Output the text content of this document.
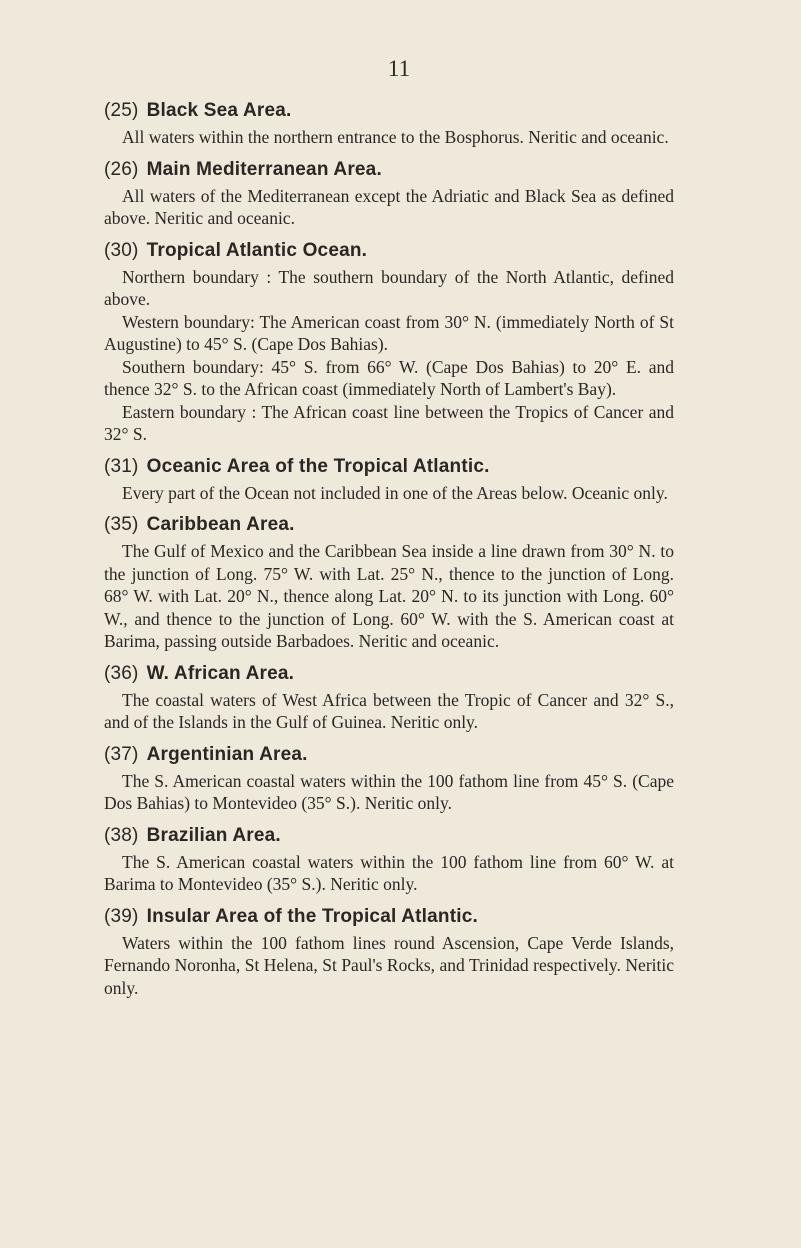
11
(25) Black Sea Area.

All waters within the northern entrance to the Bosphorus. Neritic and oceanic.

(26) Main Mediterranean Area.

All waters of the Mediterranean except the Adriatic and Black Sea as defined above. Neritic and oceanic.

(30) Tropical Atlantic Ocean.

Northern boundary : The southern boundary of the North Atlantic, defined above.

Western boundary: The American coast from 30° N. (immediately North of St Augustine) to 45° S. (Cape Dos Bahias).

Southern boundary: 45° S. from 66° W. (Cape Dos Bahias) to 20° E. and thence 32° S. to the African coast (immediately North of Lambert's Bay).

Eastern boundary : The African coast line between the Tropics of Cancer and 32° S.

(31) Oceanic Area of the Tropical Atlantic.

Every part of the Ocean not included in one of the Areas below. Oceanic only.

(35) Caribbean Area.

The Gulf of Mexico and the Caribbean Sea inside a line drawn from 30° N. to the junction of Long. 75° W. with Lat. 25° N., thence to the junction of Long. 68° W. with Lat. 20° N., thence along Lat. 20° N. to its junction with Long. 60° W., and thence to the junction of Long. 60° W. with the S. American coast at Barima, passing outside Barbadoes. Neritic and oceanic.

(36) W. African Area.

The coastal waters of West Africa between the Tropic of Cancer and 32° S., and of the Islands in the Gulf of Guinea. Neritic only.

(37) Argentinian Area.

The S. American coastal waters within the 100 fathom line from 45° S. (Cape Dos Bahias) to Montevideo (35° S.). Neritic only.

(38) Brazilian Area.

The S. American coastal waters within the 100 fathom line from 60° W. at Barima to Montevideo (35° S.). Neritic only.

(39) Insular Area of the Tropical Atlantic.

Waters within the 100 fathom lines round Ascension, Cape Verde Islands, Fernando Noronha, St Helena, St Paul's Rocks, and Trinidad respectively. Neritic only.
